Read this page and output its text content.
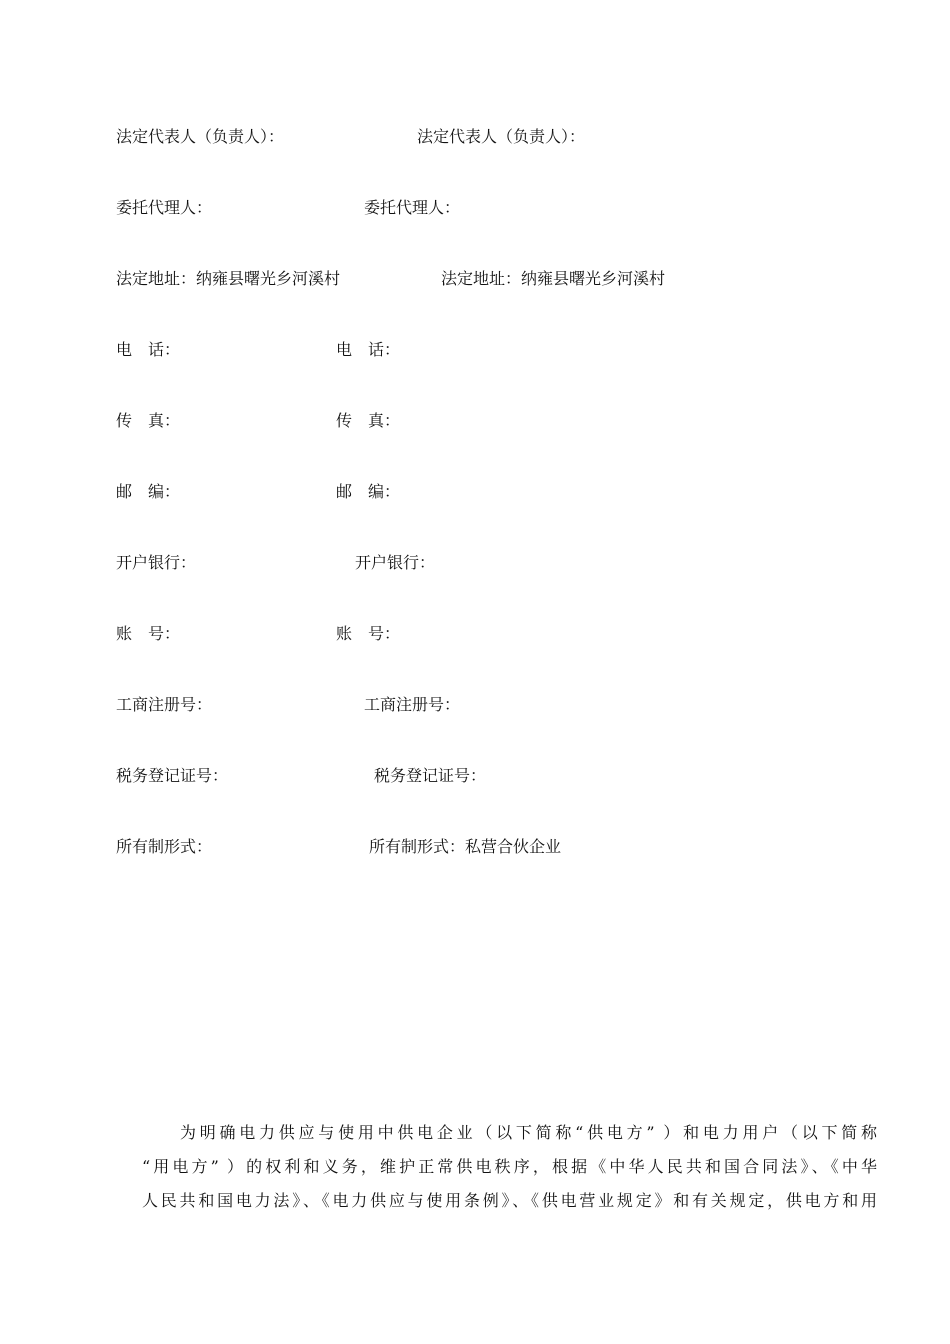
法定代表人（负责人）：	法定代表人（负责人）：
委托代理人：	委托代理人：
法定地址：纳雍县曙光乡河溪村	法定地址：纳雍县曙光乡河溪村
电　话：	电　话：
传　真：	传　真：
邮　编：	邮　编：
开户银行：	开户银行：
账　号：	账　号：
工商注册号：	工商注册号：
税务登记证号：	税务登记证号：
所有制形式：	所有制形式：私营合伙企业
为明确电力供应与使用中供电企业（以下简称“供电方” ）和电力用户（以下简称
“用电方” ）的权利和义务，维护正常供电秩序，根据《中华人民共和国合同法》、《中华
人民共和国电力法》、《电力供应与使用条例》、《供电营业规定》和有关规定，供电方和用
